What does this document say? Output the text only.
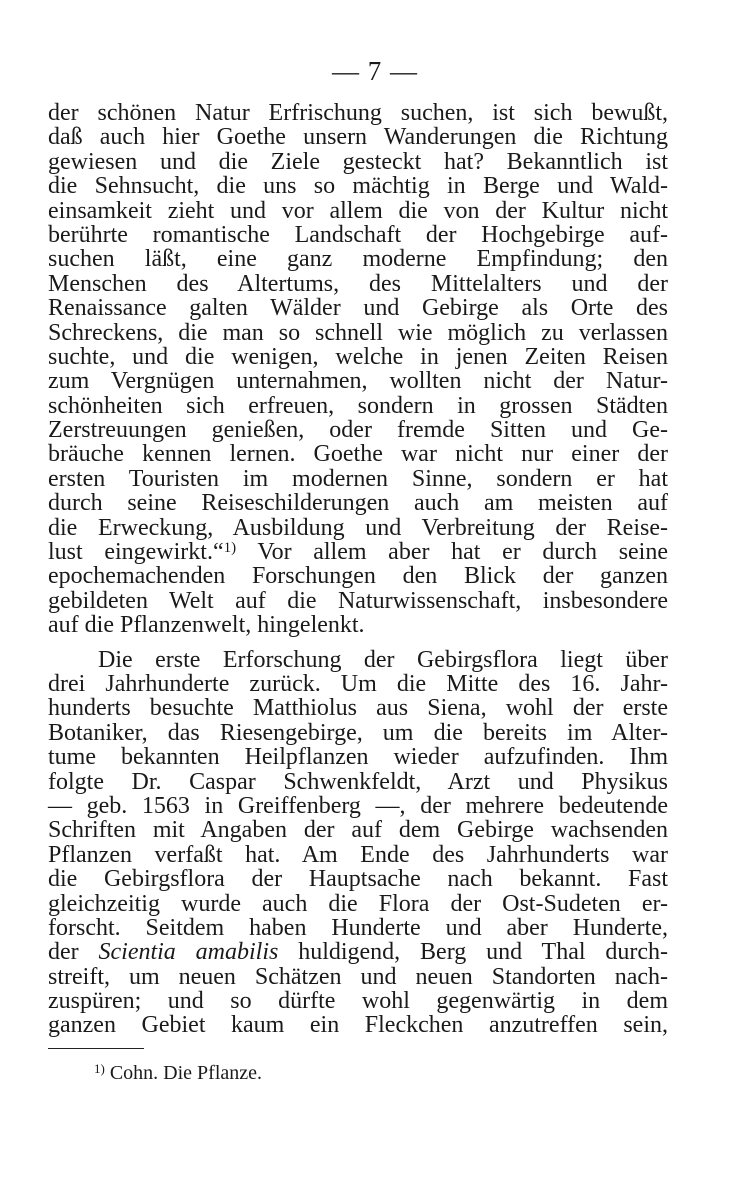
— 7 —
der schönen Natur Erfrischung suchen, ist sich bewußt,
daß auch hier Goethe unsern Wanderungen die Richtung
gewiesen und die Ziele gesteckt hat? Bekanntlich ist
die Sehnsucht, die uns so mächtig in Berge und Wald-
einsamkeit zieht und vor allem die von der Kultur nicht
berührte romantische Landschaft der Hochgebirge auf-
suchen läßt, eine ganz moderne Empfindung; den
Menschen des Altertums, des Mittelalters und der
Renaissance galten Wälder und Gebirge als Orte des
Schreckens, die man so schnell wie möglich zu verlassen
suchte, und die wenigen, welche in jenen Zeiten Reisen
zum Vergnügen unternahmen, wollten nicht der Natur-
schönheiten sich erfreuen, sondern in grossen Städten
Zerstreuungen genießen, oder fremde Sitten und Ge-
bräuche kennen lernen. Goethe war nicht nur einer der
ersten Touristen im modernen Sinne, sondern er hat
durch seine Reiseschilderungen auch am meisten auf
die Erweckung, Ausbildung und Verbreitung der Reise-
lust eingewirkt.“$^{1)}$ Vor allem aber hat er durch seine
epochemachenden Forschungen den Blick der ganzen
gebildeten Welt auf die Naturwissenschaft, insbesondere
auf die Pflanzenwelt, hingelenkt.
Die erste Erforschung der Gebirgsflora liegt über
drei Jahrhunderte zurück. Um die Mitte des 16. Jahr-
hunderts besuchte Matthiolus aus Siena, wohl der erste
Botaniker, das Riesengebirge, um die bereits im Alter-
tume bekannten Heilpflanzen wieder aufzufinden. Ihm
folgte Dr. Caspar Schwenkfeldt, Arzt und Physikus
— geb. 1563 in Greiffenberg —, der mehrere bedeutende
Schriften mit Angaben der auf dem Gebirge wachsenden
Pflanzen verfaßt hat. Am Ende des Jahrhunderts war
die Gebirgsflora der Hauptsache nach bekannt. Fast
gleichzeitig wurde auch die Flora der Ost-Sudeten er-
forscht. Seitdem haben Hunderte und aber Hunderte,
der Scientia amabilis huldigend, Berg und Thal durch-
streift, um neuen Schätzen und neuen Standorten nach-
zuspüren; und so dürfte wohl gegenwärtig in dem
ganzen Gebiet kaum ein Fleckchen anzutreffen sein,
$^{1)}$ Cohn. Die Pflanze.
